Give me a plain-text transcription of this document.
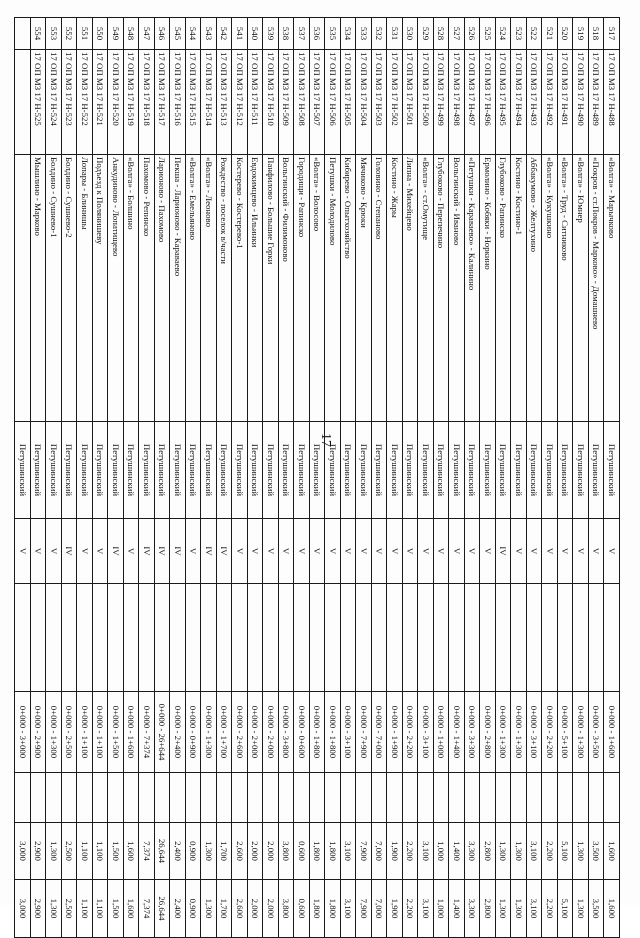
17
517	17 ОП МЗ 17 Н-488	«Волга» - Марычково	Петушинский	V		0+000 - 1+600		1,600	1,600
518	17 ОП МЗ 17 Н-489	«Покров - ст.Покров - Марково» - Домашнево	Петушинский	V		0+000 - 3+500		3,500	3,500
519	17 ОП МЗ 17 Н-490	«Волга» - Юмнер	Петушинский	V		0+000 - 1+300		1,300	1,300
520	17 ОП МЗ 17 Н-491	«Волга» - Труд - Ситниково	Петушинский	V		0+000 - 5+100		5,100	5,100
521	17 ОП МЗ 17 Н-492	«Волга» - Кукушкино	Петушинский	V		0+000 - 2+200		2,200	2,200
522	17 ОП МЗ 17 Н-493	Аббакумово - Желтухино	Петушинский	V		0+000 - 3+100		3,100	3,100
523	17 ОП МЗ 17 Н-494	Костино - Костино-1	Петушинский	V		0+000 - 1+300		1,300	1,300
524	17 ОП МЗ 17 Н-495	Глубоково - Рапинско	Петушинский	IV		0+000 - 1+300		1,300	1,300
525	17 ОП МЗ 17 Н-496	Ермолино - Кобяки - Норкино	Петушинский	V		0+000 - 2+800		2,800	2,800
526	17 ОП МЗ 17 Н-497	«Петушки - Караваево» - Калинино	Петушинский	V		0+000 - 3+300		3,300	3,300
527	17 ОП МЗ 17 Н-498	Вольгинский - Иваново	Петушинский	V		0+000 - 1+400		1,400	1,400
528	17 ОП МЗ 17 Н-499	Глубоково - Перепечино	Петушинский	V		0+000 - 1+000		1,000	1,000
529	17 ОП МЗ 17 Н-500	«Волга» - ст.Омутище	Петушинский	V		0+000 - 3+100		3,100	3,100
530	17 ОП МЗ 17 Н-501	Липна - Михейцево	Петушинский	V		0+000 - 2+200		2,200	2,200
531	17 ОП МЗ 17 Н-502	Костино - Жары	Петушинский	V		0+000 - 1+900		1,900	1,900
532	17 ОП МЗ 17 Н-503	Головино - Степаново	Петушинский	V		0+000 - 7+000		7,000	7,000
533	17 ОП МЗ 17 Н-504	Мячиково - Крюки	Петушинский	V		0+000 - 7+900		7,900	7,900
534	17 ОП МЗ 17 Н-505	Кибирево - Опытхозяйство	Петушинский	V		0+000 - 3+100		3,100	3,100
535	17 ОП МЗ 17 Н-506	Петушки - Молодилово	Петушинский	V		0+000 - 1+800		1,800	1,800
536	17 ОП МЗ 17 Н-507	«Волга» - Волосово	Петушинский	V		0+000 - 1+800		1,800	1,800
537	17 ОП МЗ 17 Н-508	Городищи - Рапинско	Петушинский	V		0+000 - 0+600		0,600	0,600
538	17 ОП МЗ 17 Н-509	Вольгинский - Филимоново	Петушинский	V		0+000 - 3+800		3,800	3,800
539	17 ОП МЗ 17 Н-510	Панфилово - Большие Горки	Петушинский	V		0+000 - 2+000		2,000	2,000
540	17 ОП МЗ 17 Н-511	Евдокимцево - Ильинки	Петушинский	V		0+000 - 2+000		2,000	2,000
541	17 ОП МЗ 17 Н-512	Костерево - Костерево-1	Петушинский	V		0+000 - 2+600		2,600	2,600
542	17 ОП МЗ 17 Н-513	Рождество - поселок в/части	Петушинский	IV		0+000 - 1+700		1,700	1,700
543	17 ОП МЗ 17 Н-514	«Волга» - Леоново	Петушинский	IV		0+000 - 1+300		1,300	1,300
544	17 ОП МЗ 17 Н-515	«Волга» - Емельяново	Петушинский	V		0+000 - 0+900		0,900	0,900
545	17 ОП МЗ 17 Н-516	Пекша - Ларионово - Караваево	Петушинский	IV		0+000 - 2+400		2,400	2,400
546	17 ОП МЗ 17 Н-517	Ларионово - Пахомово	Петушинский	IV		0+000 - 26+644		26,644	26,644
547	17 ОП МЗ 17 Н-518	Пахомово - Репинско	Петушинский	IV		0+000 - 7+374		7,374	7,374
548	17 ОП МЗ 17 Н-519	«Волга» - Болшино	Петушинский	V		0+000 - 1+600		1,600	1,600
549	17 ОП МЗ 17 Н-520	Анкудиново - Лопатищево	Петушинский	IV		0+000 - 1+500		1,500	1,500
550	17 ОП МЗ 17 Н-521	Подъезд к Полянишеву	Петушинский	V		0+000 - 1+100		1,100	1,100
551	17 ОП МЗ 17 Н-522	Лопары - Блинишы	Петушинский	V		0+000 - 1+100		1,100	1,100
552	17 ОП МЗ 17 Н-523	Болдино - Сушнево-2	Петушинский	IV		0+000 - 2+500		2,500	2,500
553	17 ОП МЗ 17 Н-524	Болдино - Сушнево-1	Петушинский	V		0+000 - 1+300		1,300	1,300
554	17 ОП МЗ 17 Н-525	Мышлино - Марково	Петушинский	V		0+000 - 2+900		2,900	2,900
			Петушинский	V		0+000 - 3+000		3,000	3,000
